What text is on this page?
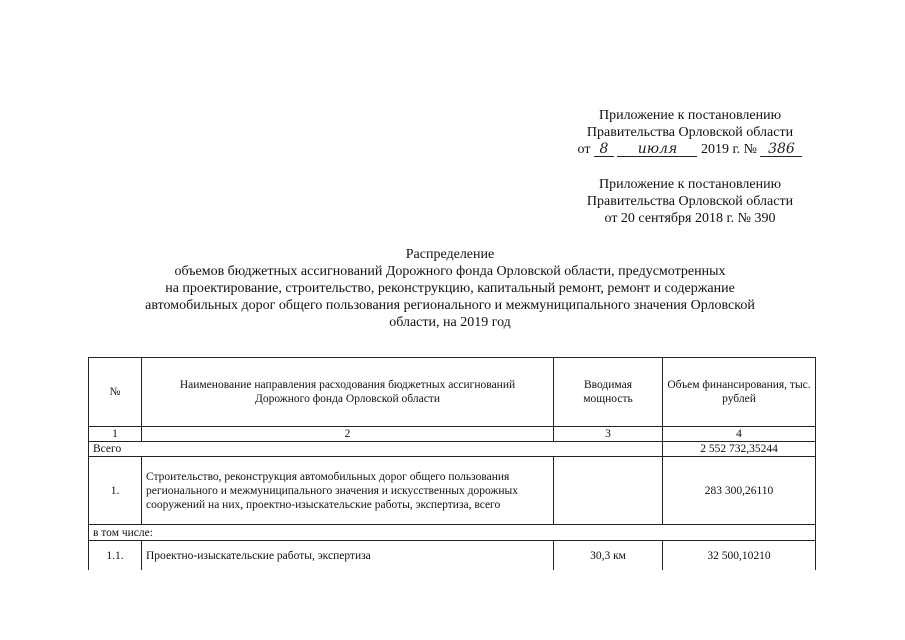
Приложение к постановлению
Правительства Орловской области
от 8 июля 2019 г. № 386
Приложение к постановлению
Правительства Орловской области
от 20 сентября 2018 г. № 390
Распределение
объемов бюджетных ассигнований Дорожного фонда Орловской области, предусмотренных
на проектирование, строительство, реконструкцию, капитальный ремонт, ремонт и содержание
автомобильных дорог общего пользования регионального и межмуниципального значения Орловской
области, на 2019 год
№	Наименование направления расходования бюджетных ассигнований Дорожного фонда Орловской области	Вводимая мощность	Объем финансирования, тыс. рублей
1	2	3	4
Всего			2 552 732,35244
1.	Строительство, реконструкция автомобильных дорог общего пользования регионального и межмуниципального значения и искусственных дорожных сооружений на них, проектно-изыскательские работы, экспертиза, всего		283 300,26110
в том числе:			
1.1.	Проектно-изыскательские работы, экспертиза	30,3 км	32 500,10210
